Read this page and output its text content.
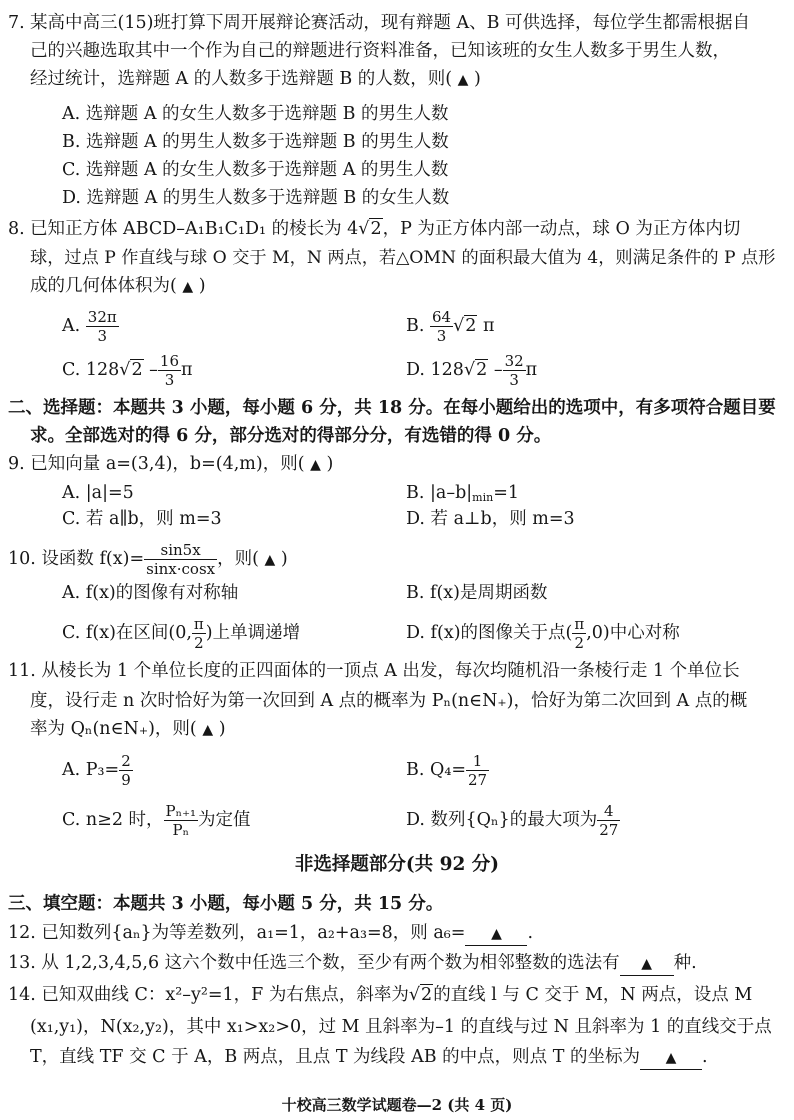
7. 某高中高三(15)班打算下周开展辩论赛活动，现有辩题 A、B 可供选择，每位学生都需根据自
己的兴趣选取其中一个作为自己的辩题进行资料准备，已知该班的女生人数多于男生人数，
经过统计，选辩题 A 的人数多于选辩题 B 的人数，则( ▲ )
A. 选辩题 A 的女生人数多于选辩题 B 的男生人数
B. 选辩题 A 的男生人数多于选辩题 B 的男生人数
C. 选辩题 A 的女生人数多于选辩题 A 的男生人数
D. 选辩题 A 的男生人数多于选辩题 B 的女生人数
8. 已知正方体 ABCD–A₁B₁C₁D₁ 的棱长为 4√2，P 为正方体内部一动点，球 O 为正方体内切
球，过点 P 作直线与球 O 交于 M，N 两点，若△OMN 的面积最大值为 4，则满足条件的 P 点形
成的几何体体积为( ▲ )
A. $\frac{32\pi}{3}$	B. $\frac{64}{3} √2$ π
C. $128√2 - \frac{16}{3}$ π	D. $128√2 - \frac{32}{3}$ π
二、选择题：本题共 3 小题，每小题 6 分，共 18 分。在每小题给出的选项中，有多项符合题目要
求。全部选对的得 6 分，部分选对的得部分分，有选错的得 0 分。
9. 已知向量 a=(3,4)，b=(4,m)，则( ▲ )
A. |a|=5	B. $|a-b|_{min}=1$
C. 若 a∥b，则 m=3	D. 若 a⊥b，则 m=3
10. 设函数 $f(x)= \frac{\sin 5x}{\sin x\cdot\cos x}$ ，则( ▲ )
A. f(x)的图像有对称轴	B. f(x)是周期函数
C. f(x)在区间(0, $\frac{\pi}{2}$ )上单调递增	D. f(x)的图像关于点( $\frac{\pi}{2} ,0$)中心对称
11. 从棱长为 1 个单位长度的正四面体的一顶点 A 出发，每次均随机沿一条棱行走 1 个单位长
度，设行走 n 次时恰好为第一次回到 A 点的概率为 Pₙ(n∈N₊)，恰好为第二次回到 A 点的概
率为 Qₙ(n∈N₊)，则( ▲ )
A. $P_3= \frac{2}{9}$	B. $Q_4= \frac{1}{27}$
C. n≥2 时， $\frac{\text{Pₙ₊₁}}{\text{Pₙ}}$ 为定值	D. 数列{Qₙ}的最大项为 $\frac{4}{27}$
非选择题部分(共 92 分)
三、填空题：本题共 3 小题，每小题 5 分，共 15 分。
12. 已知数列{aₙ}为等差数列，a₁=1，a₂+a₃=8，则 a₆= ▲ .
13. 从 1,2,3,4,5,6 这六个数中任选三个数，至少有两个数为相邻整数的选法有 ▲ 种.
14. 已知双曲线 C：x²–y²=1，F 为右焦点，斜率为√2的直线 l 与 C 交于 M，N 两点，设点 M
(x₁,y₁)，N(x₂,y₂)，其中 x₁>x₂>0，过 M 且斜率为–1 的直线与过 N 且斜率为 1 的直线交于点
T，直线 TF 交 C 于 A，B 两点，且点 T 为线段 AB 的中点，则点 T 的坐标为 ▲ .
十校高三数学试题卷—2 (共 4 页)
